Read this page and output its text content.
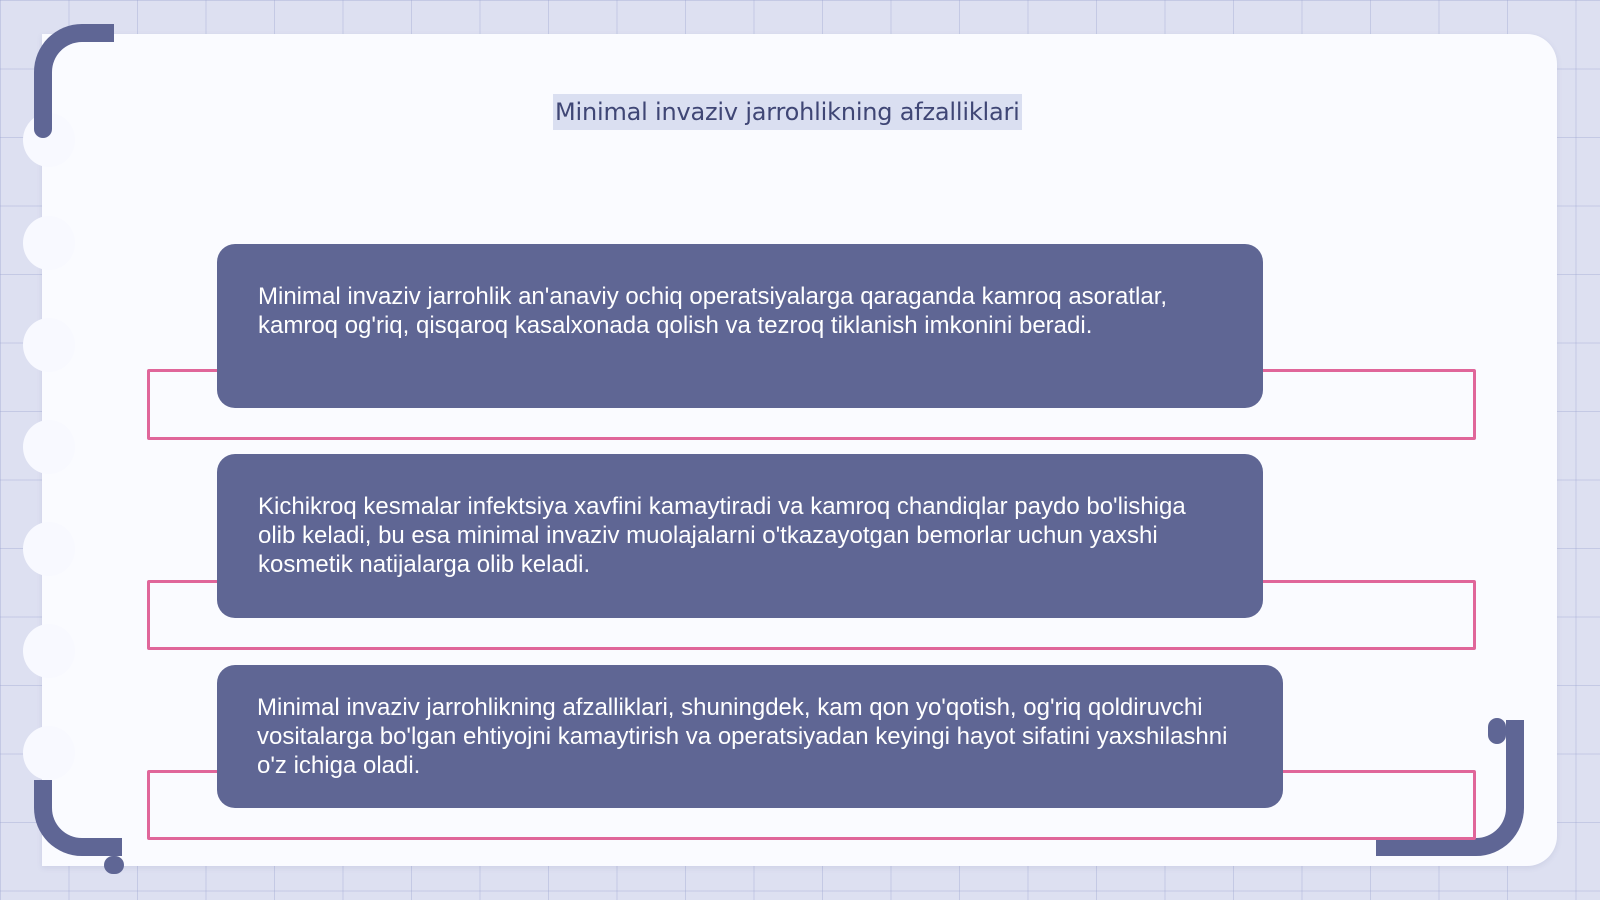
Minimal invaziv jarrohlikning afzalliklari

Minimal invaziv jarrohlik an'anaviy ochiq operatsiyalarga qaraganda kamroq asoratlar, kamroq og'riq, qisqaroq kasalxonada qolish va tezroq tiklanish imkonini beradi.

Kichikroq kesmalar infektsiya xavfini kamaytiradi va kamroq chandiqlar paydo bo'lishiga olib keladi, bu esa minimal invaziv muolajalarni o'tkazayotgan bemorlar uchun yaxshi kosmetik natijalarga olib keladi.

Minimal invaziv jarrohlikning afzalliklari, shuningdek, kam qon yo'qotish, og'riq qoldiruvchi vositalarga bo'lgan ehtiyojni kamaytirish va operatsiyadan keyingi hayot sifatini yaxshilashni o'z ichiga oladi.
